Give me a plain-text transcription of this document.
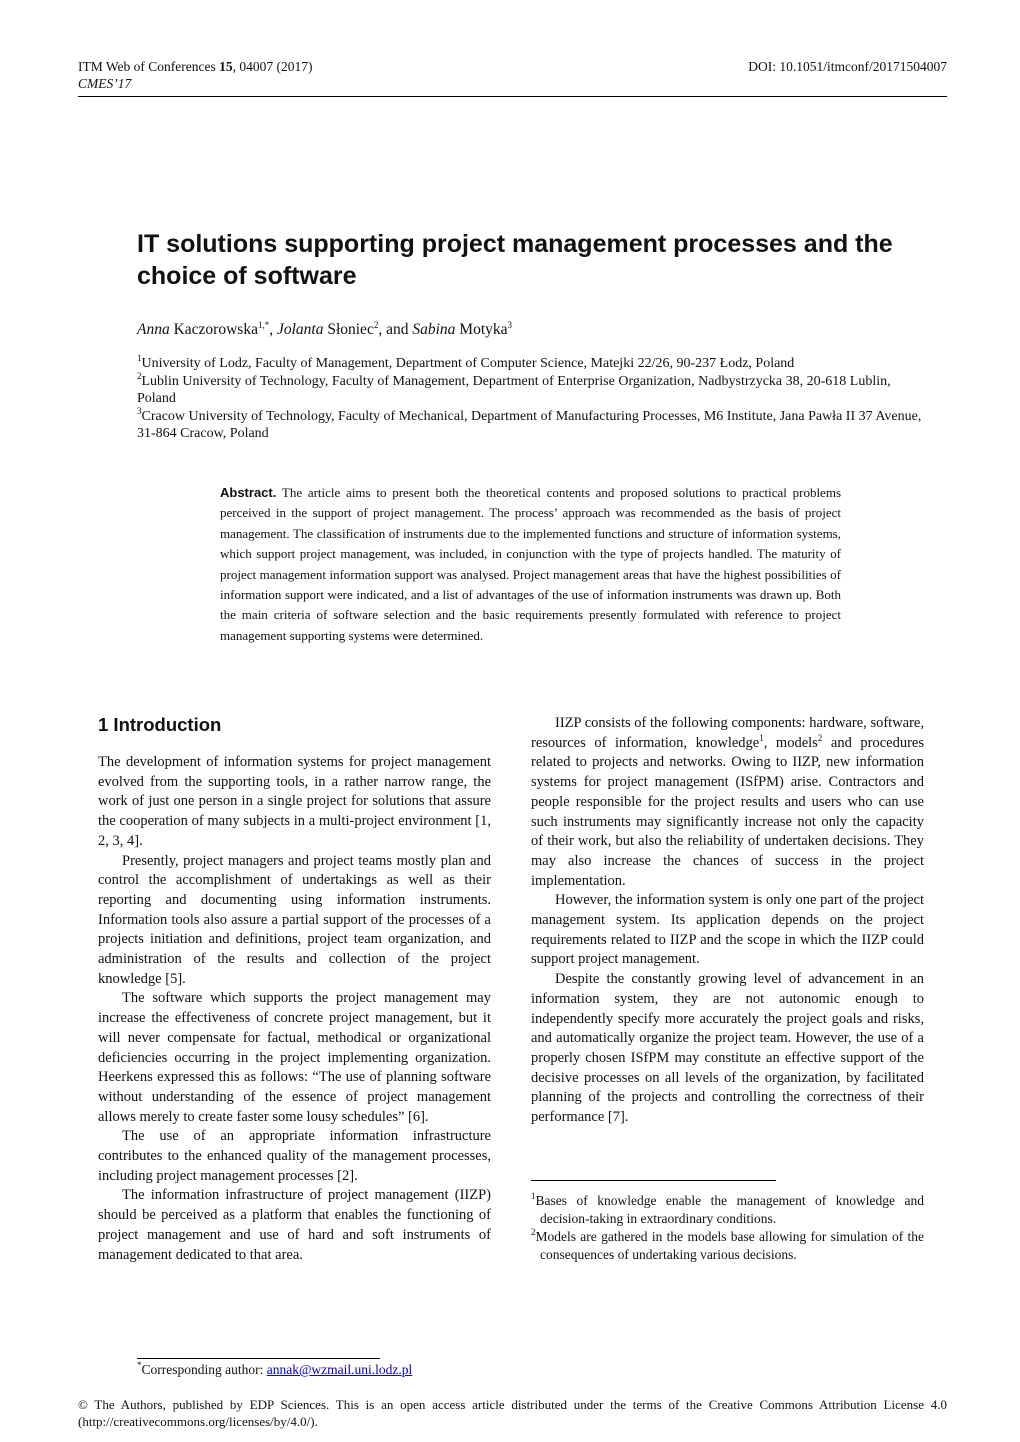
ITM Web of Conferences 15, 04007 (2017)
CMES’17
DOI: 10.1051/itmconf/20171504007
IT solutions supporting project management processes and the choice of software
Anna Kaczorowska$^{1,*}$, Jolanta Słoniec$^2$, and Sabina Motyka$^3$

$^1$University of Lodz, Faculty of Management, Department of Computer Science, Matejki 22/26, 90-237 Łodz, Poland

$^2$Lublin University of Technology, Faculty of Management, Department of Enterprise Organization, Nadbystrzycka 38, 20-618 Lublin, Poland

$^3$Cracow University of Technology, Faculty of Mechanical, Department of Manufacturing Processes, M6 Institute, Jana Pawła II 37 Avenue, 31-864 Cracow, Poland

Abstract. The article aims to present both the theoretical contents and proposed solutions to practical problems perceived in the support of project management. The process’ approach was recommended as the basis of project management. The classification of instruments due to the implemented functions and structure of information systems, which support project management, was included, in conjunction with the type of projects handled. The maturity of project management information support was analysed. Project management areas that have the highest possibilities of information support were indicated, and a list of advantages of the use of information instruments was drawn up. Both the main criteria of software selection and the basic requirements presently formulated with reference to project management supporting systems were determined.
1 Introduction

The development of information systems for project management evolved from the supporting tools, in a rather narrow range, the work of just one person in a single project for solutions that assure the cooperation of many subjects in a multi-project environment [1, 2, 3, 4].

Presently, project managers and project teams mostly plan and control the accomplishment of undertakings as well as their reporting and documenting using information instruments. Information tools also assure a partial support of the processes of a projects initiation and definitions, project team organization, and administration of the results and collection of the project knowledge [5].

The software which supports the project management may increase the effectiveness of concrete project management, but it will never compensate for factual, methodical or organizational deficiencies occurring in the project implementing organization. Heerkens expressed this as follows: “The use of planning software without understanding of the essence of project management allows merely to create faster some lousy schedules” [6].

The use of an appropriate information infrastructure contributes to the enhanced quality of the management processes, including project management processes [2].

The information infrastructure of project management (IIZP) should be perceived as a platform that enables the functioning of project management and use of hard and soft instruments of management dedicated to that area.

IIZP consists of the following components: hardware, software, resources of information, knowledge$^1$, models$^2$ and procedures related to projects and networks. Owing to IIZP, new information systems for project management (ISfPM) arise. Contractors and people responsible for the project results and users who can use such instruments may significantly increase not only the capacity of their work, but also the reliability of undertaken decisions. They may also increase the chances of success in the project implementation.

However, the information system is only one part of the project management system. Its application depends on the project requirements related to IIZP and the scope in which the IIZP could support project management.

Despite the constantly growing level of advancement in an information system, they are not autonomic enough to independently specify more accurately the project goals and risks, and automatically organize the project team. However, the use of a properly chosen ISfPM may constitute an effective support of the decisive processes on all levels of the organization, by facilitated planning of the projects and controlling the correctness of their performance [7].

$^1$Bases of knowledge enable the management of knowledge and decision-taking in extraordinary conditions.

$^2$Models are gathered in the models base allowing for simulation of the consequences of undertaking various decisions.

*Corresponding author: annak@wzmail.uni.lodz.pl
© The Authors, published by EDP Sciences. This is an open access article distributed under the terms of the Creative Commons Attribution License 4.0 (http://creativecommons.org/licenses/by/4.0/).
